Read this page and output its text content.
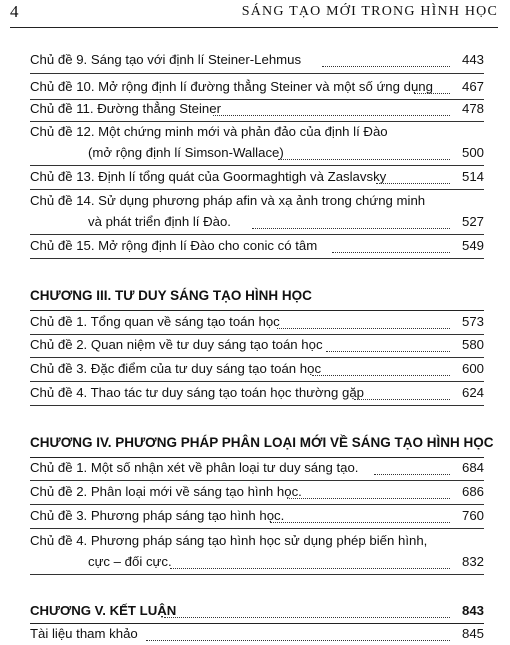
4	SÁNG TẠO MỚI TRONG HÌNH HỌC
Chủ đề 9. Sáng tạo với định lí Steiner-Lehmus	443
Chủ đề 10. Mở rộng định lí đường thẳng Steiner và một số ứng dụng 467
Chủ đề 11. Đường thẳng Steiner	478
Chủ đề 12. Một chứng minh mới và phản đảo của định lí Đào
(mở rộng định lí Simson-Wallace)	500
Chủ đề 13. Định lí tổng quát của Goormaghtigh và Zaslavsky	514
Chủ đề 14. Sử dụng phương pháp afin và xạ ảnh trong chứng minh
và phát triển định lí Đào.	527
Chủ đề 15. Mở rộng định lí Đào cho conic có tâm	549
CHƯƠNG III. TƯ DUY SÁNG TẠO HÌNH HỌC
Chủ đề 1. Tổng quan về sáng tạo toán học	573
Chủ đề 2. Quan niệm về tư duy sáng tạo toán học	580
Chủ đề 3. Đặc điểm của tư duy sáng tạo toán học	600
Chủ đề 4. Thao tác tư duy sáng tạo toán học thường gặp	624
CHƯƠNG IV. PHƯƠNG PHÁP PHÂN LOẠI MỚI VỀ SÁNG TẠO HÌNH HỌC
Chủ đề 1. Một số nhận xét về phân loại tư duy sáng tạo.	684
Chủ đề 2. Phân loại mới về sáng tạo hình học.	686
Chủ đề 3. Phương pháp sáng tạo hình học.	760
Chủ đề 4. Phương pháp sáng tạo hình học sử dụng phép biến hình,
cực – đối cực.	832
CHƯƠNG V. KẾT LUẬN	843
Tài liệu tham khảo	845
